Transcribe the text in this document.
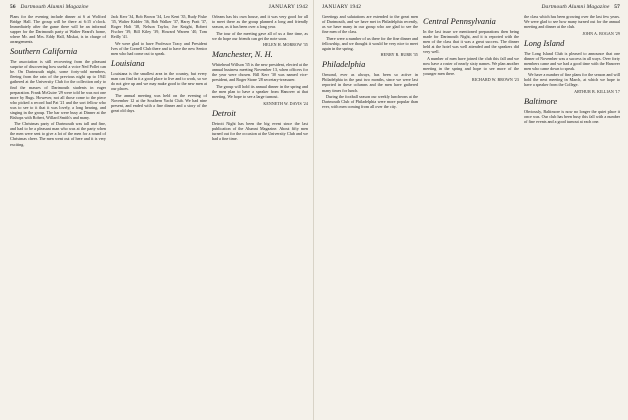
56 Dartmouth Alumni Magazine	JANUARY 1942

Plans for the evening include dinner at 6 at Wolford Bridge Hall. The group will be there at 6:15 o'clock. Immediately after the game there will be an informal supper for the Dartmouth party at Walter Beard's home, where Mr. and Mrs. Eddy Hall, Miskat, is in charge of arrangements.

Southern California

The association is still recovering from the pleasant surprise of discovering how useful a voice Ned Pollet can be. On Dartmouth night, some forty-odd members, fleeing from the rain of the previous night up to 1941 gathered at the University Club for the collection only to find the masses of Dartmouth students in eager preparation. Frank McGuire '29 were told he was not one more by Bugs. However, not all those come to the piece who picked a record had Pat '21 and the sort fellow who was to see to it that it was lovely, a long hearing, and singing in the group. The bar were busy at Dinner at the Bishops with Robert, Willard Smith's and many.

The Christmas party of Dartmouth was tall and fine, and had to be a pleasant man who was at the party when the men were sent to give a lot of the men for a round of Christmas cheer. The men went out of here and it is very exciting.

Jack Kerr '34, Bob Brown '34, Leo Kent '35, Rudy Fiske '35, Walter Kidder '36, Bob Walker '37, Harry Pratt '37, Roger Holt '38, Nelson Taylor, Joe Knight, Robert Fischer '39, Bill Kiley '39, Howard Warren '40, Tom Reilly '41.

We were glad to have Professor Tracy and President Ives of the Cornell Club there and to have the new Senior men who had come out to speak.

Louisiana

Louisiana is the smallest area in the country, but every man can find in it a good place to live and to work, so we do not give up and we may make good to the new men at our places.

The annual meeting was held on the evening of November 12 at the Southern Yacht Club. We had nine present, and ended with a fine dinner and a story of the great old days.

Orleans has his own house, and it was very good for all to meet there as the group planned a long and friendly season, as it has been over a long year.

The tour of the meeting gave all of us a fine time, as we do hope our friends can get the note soon.

HELEN H. MORROW '35

Manchester, N. H.

Whitehead Willson '35 is the new president, elected at the annual business meeting November 13, when officers for the year were chosen. Bill Kerr '30 was named vice-president, and Roger Stone '28 secretary-treasurer.

The group will hold its annual dinner in the spring and the men plan to have a speaker from Hanover at that meeting. We hope to see a large turnout.

KENNETH W. DAVIS '24

Detroit

Detroit Night has been the big event since the last publication of the Alumni Magazine. About fifty men turned out for the occasion at the University Club and we had a fine time.

JANUARY 1942	Dartmouth Alumni Magazine 57

Greetings and salutations are extended to the great men of Dartmouth, and we have met in Philadelphia recently, as we have many in our group who are glad to see the fine men of the class.

There were a number of us there for the fine dinner and fellowship, and we thought it would be very nice to meet again in the spring.

HENRY R. BURR '35

Philadelphia

Ormond, ever as always, has been so active in Philadelphia in the past two months, since we were last reported in these columns and the men have gathered many times for lunch.

During the football season our weekly luncheons at the Dartmouth Club of Philadelphia were more popular than ever, with men coming from all over the city.

Central Pennsylvania

In the last issue we mentioned preparations then being made for Dartmouth Night, and it is reported with the men of the class that it was a great success. The dinner held at the hotel was well attended and the speakers did very well.

A number of men have joined the club this fall and we now have a roster of nearly sixty names. We plan another meeting in the spring and hope to see more of the younger men there.

RICHARD W. BROWN '23

the class which has been growing over the last few years. We were glad to see how many turned out for the annual meeting and dinner at the club.

JOHN A. BOGAN '29

Long Island

The Long Island Club is pleased to announce that one dinner of November was a success in all ways. Over forty members came and we had a good time with the Hanover men who came down to speak.

We have a number of fine plans for the season and will hold the next meeting in March, at which we hope to have a speaker from the College.

ARTHUR B. KILLIAN '17

Baltimore

Obviously, Baltimore is now no longer the quiet place it once was. Our club has been busy this fall with a number of fine events and a good turnout at each one.
